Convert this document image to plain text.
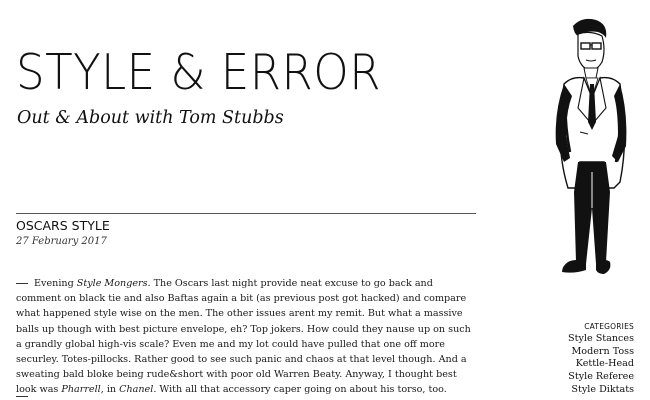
STYLE & ERROR
Out & About with Tom Stubbs
OSCARS STYLE
27 February 2017

Evening Style Mongers. The Oscars last night provide neat excuse to go back and comment on black tie and also Baftas again a bit (as previous post got hacked) and compare what happened style wise on the men. The other issues arent my remit. But what a massive balls up though with best picture envelope, eh? Top jokers. How could they nause up on such a grandly global high-vis scale? Even me and my lot could have pulled that one off more securley. Totes-pillocks. Rather good to see such panic and chaos at that level though. And a sweating bald bloke being rude&short with poor old Warren Beaty. Anyway, I thought best look was Pharrell, in Chanel. With all that accessory caper going on about his torso, too.

CATEGORIES
Style Stances
Modern Toss
Kettle-Head
Style Referee
Style Diktats
